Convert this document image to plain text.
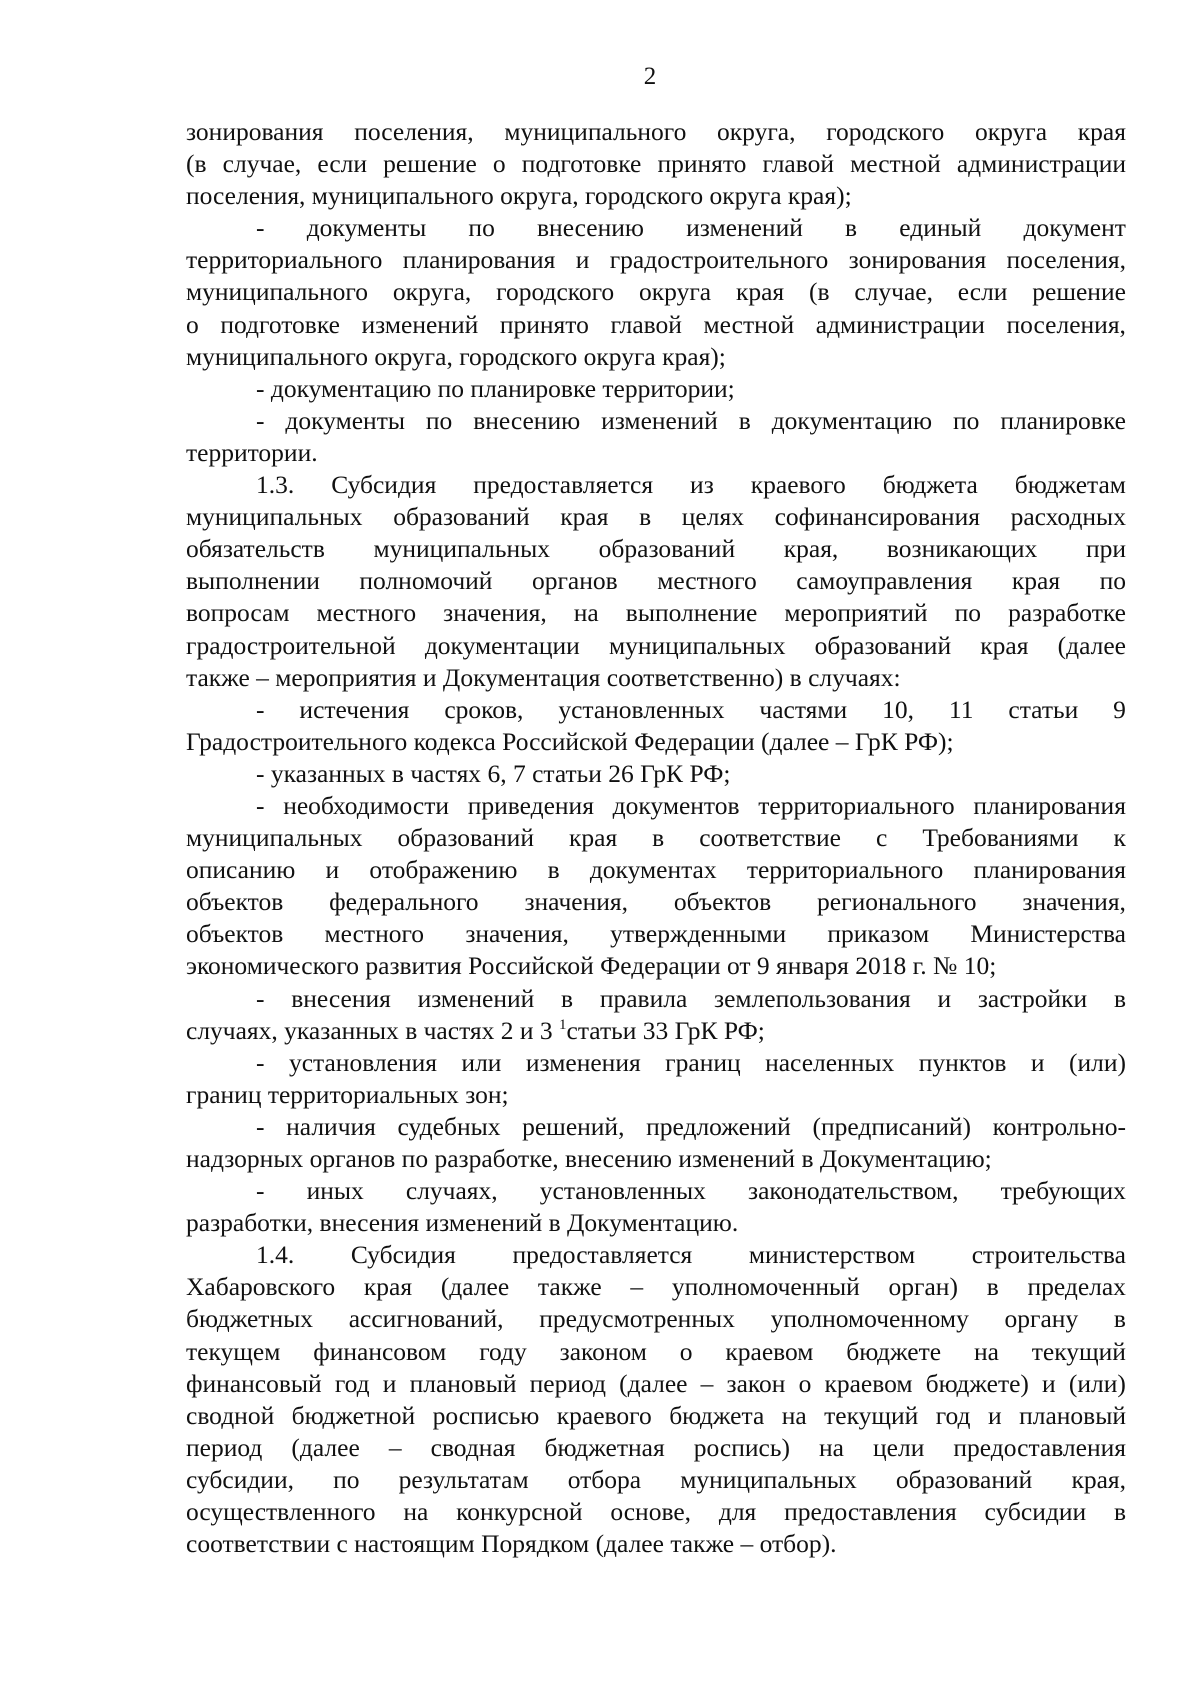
2
зонирования поселения, муниципального округа, городского округа края
(в случае, если решение о подготовке принято главой местной администрации
поселения, муниципального округа, городского округа края);
- документы по внесению изменений в единый документ
территориального планирования и градостроительного зонирования поселения,
муниципального округа, городского округа края (в случае, если решение
о подготовке изменений принято главой местной администрации поселения,
муниципального округа, городского округа края);
- документацию по планировке территории;
- документы по внесению изменений в документацию по планировке
территории.
1.3. Субсидия предоставляется из краевого бюджета бюджетам
муниципальных образований края в целях софинансирования расходных
обязательств муниципальных образований края, возникающих при
выполнении полномочий органов местного самоуправления края по
вопросам местного значения, на выполнение мероприятий по разработке
градостроительной документации муниципальных образований края (далее
также – мероприятия и Документация соответственно) в случаях:
- истечения сроков, установленных частями 10, 11 статьи 9
Градостроительного кодекса Российской Федерации (далее – ГрК РФ);
- указанных в частях 6, 7 статьи 26 ГрК РФ;
- необходимости приведения документов территориального планирования
муниципальных образований края в соответствие с Требованиями к
описанию и отображению в документах территориального планирования
объектов федерального значения, объектов регионального значения,
объектов местного значения, утвержденными приказом Министерства
экономического развития Российской Федерации от 9 января 2018 г. № 10;
- внесения изменений в правила землепользования и застройки в
случаях, указанных в частях 2 и 3 $^1$ статьи 33 ГрК РФ;
- установления или изменения границ населенных пунктов и (или)
границ территориальных зон;
- наличия судебных решений, предложений (предписаний) контрольно-
надзорных органов по разработке, внесению изменений в Документацию;
- иных случаях, установленных законодательством, требующих
разработки, внесения изменений в Документацию.
1.4. Субсидия предоставляется министерством строительства
Хабаровского края (далее также – уполномоченный орган) в пределах
бюджетных ассигнований, предусмотренных уполномоченному органу в
текущем финансовом году законом о краевом бюджете на текущий
финансовый год и плановый период (далее – закон о краевом бюджете) и (или)
сводной бюджетной росписью краевого бюджета на текущий год и плановый
период (далее – сводная бюджетная роспись) на цели предоставления
субсидии, по результатам отбора муниципальных образований края,
осуществленного на конкурсной основе, для предоставления субсидии в
соответствии с настоящим Порядком (далее также – отбор).
